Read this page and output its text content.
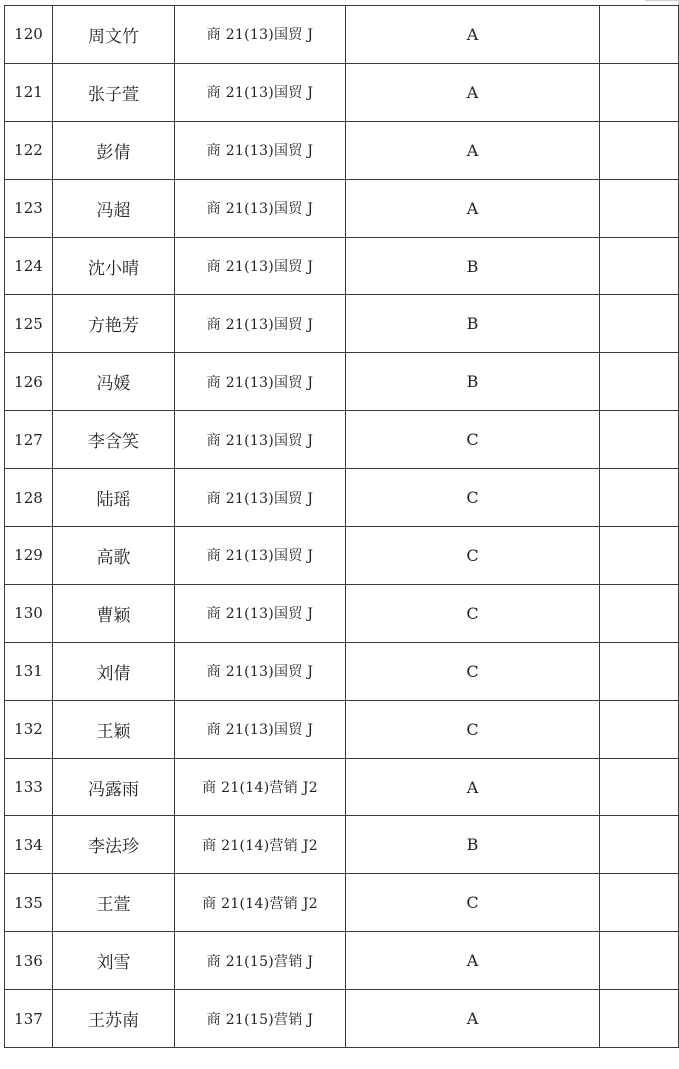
120	周文竹	商 21(13)国贸 J	A	
121	张子萱	商 21(13)国贸 J	A	
122	彭倩	商 21(13)国贸 J	A	
123	冯超	商 21(13)国贸 J	A	
124	沈小晴	商 21(13)国贸 J	B	
125	方艳芳	商 21(13)国贸 J	B	
126	冯媛	商 21(13)国贸 J	B	
127	李含笑	商 21(13)国贸 J	C	
128	陆瑶	商 21(13)国贸 J	C	
129	高歌	商 21(13)国贸 J	C	
130	曹颖	商 21(13)国贸 J	C	
131	刘倩	商 21(13)国贸 J	C	
132	王颖	商 21(13)国贸 J	C	
133	冯露雨	商 21(14)营销 J2	A	
134	李法珍	商 21(14)营销 J2	B	
135	王萱	商 21(14)营销 J2	C	
136	刘雪	商 21(15)营销 J	A	
137	王苏南	商 21(15)营销 J	A	
